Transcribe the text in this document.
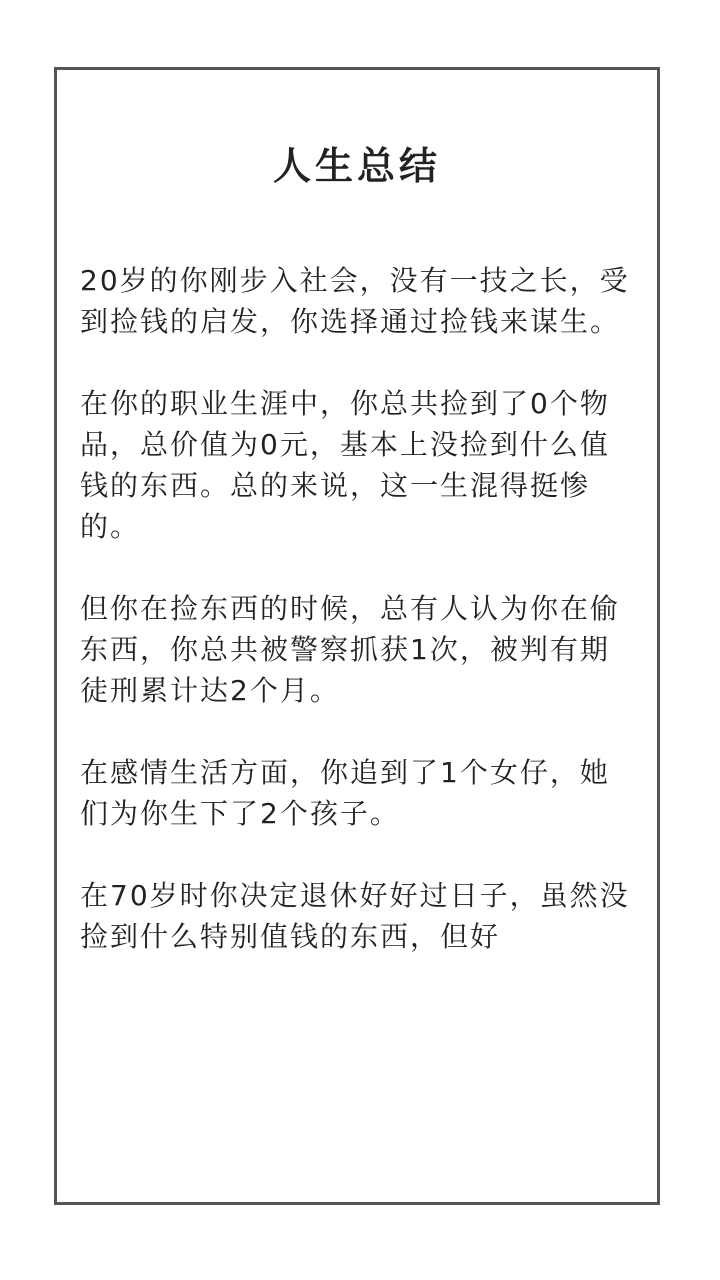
人生总结

20岁的你刚步入社会，没有一技之长，受到捡钱的启发，你选择通过捡钱来谋生。

在你的职业生涯中，你总共捡到了0个物品，总价值为0元，基本上没捡到什么值钱的东西。总的来说，这一生混得挺惨的。

但你在捡东西的时候，总有人认为你在偷东西，你总共被警察抓获1次，被判有期徒刑累计达2个月。

在感情生活方面，你追到了1个女仔，她们为你生下了2个孩子。

在70岁时你决定退休好好过日子，虽然没捡到什么特别值钱的东西，但好
